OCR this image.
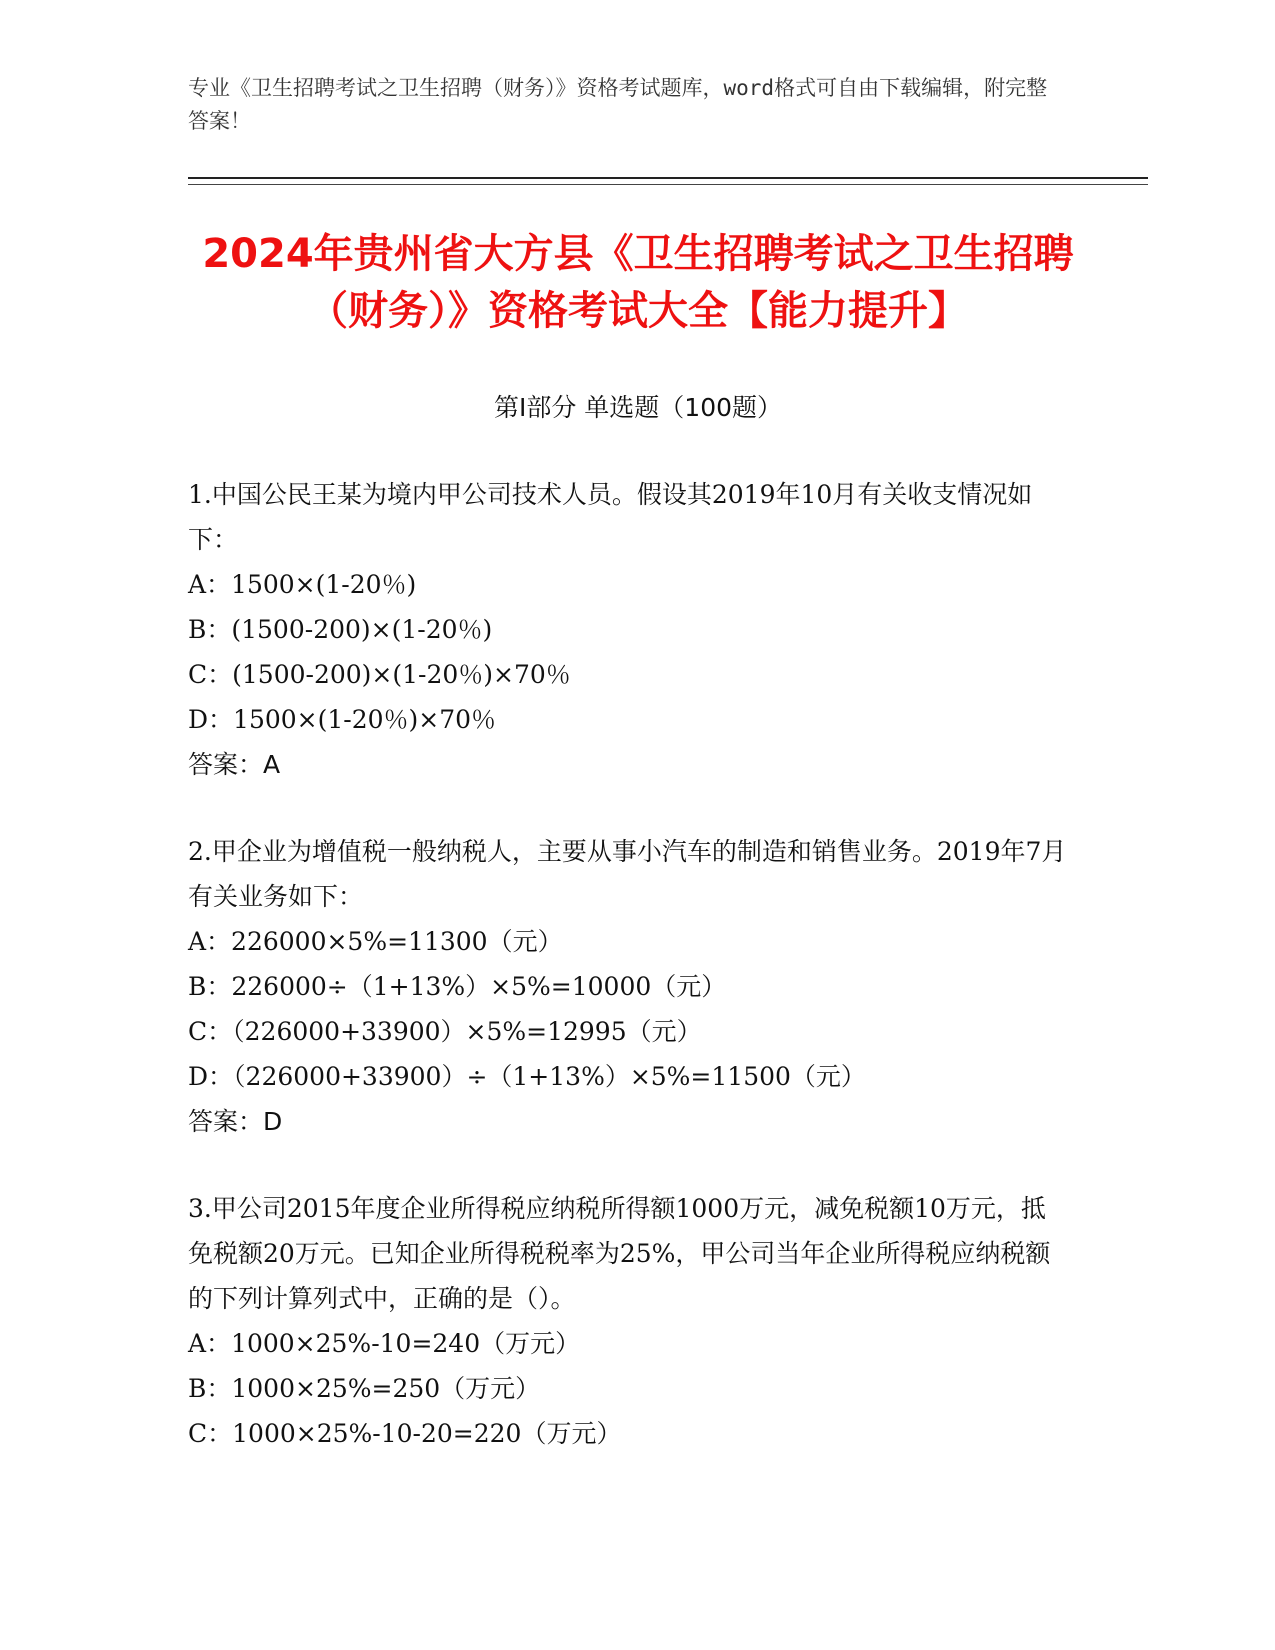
专业《卫生招聘考试之卫生招聘（财务）》资格考试题库，word格式可自由下载编辑，附完整答案！
2024年贵州省大方县《卫生招聘考试之卫生招聘（财务）》资格考试大全【能力提升】
第I部分 单选题（100题）

1.中国公民王某为境内甲公司技术人员。假设其2019年10月有关收支情况如下：

A：1500×(1-20％)

B：(1500-200)×(1-20％)

C：(1500-200)×(1-20％)×70％

D：1500×(1-20％)×70％

答案：A

2.甲企业为增值税一般纳税人，主要从事小汽车的制造和销售业务。2019年7月有关业务如下：

A：226000×5%=11300（元）

B：226000÷（1+13%）×5%=10000（元）

C：（226000+33900）×5%=12995（元）

D：（226000+33900）÷（1+13%）×5%=11500（元）

答案：D

3.甲公司2015年度企业所得税应纳税所得额1000万元，减免税额10万元，抵免税额20万元。已知企业所得税税率为25%，甲公司当年企业所得税应纳税额的下列计算列式中，正确的是（）。

A：1000×25%-10=240（万元）

B：1000×25%=250（万元）

C：1000×25%-10-20=220（万元）
